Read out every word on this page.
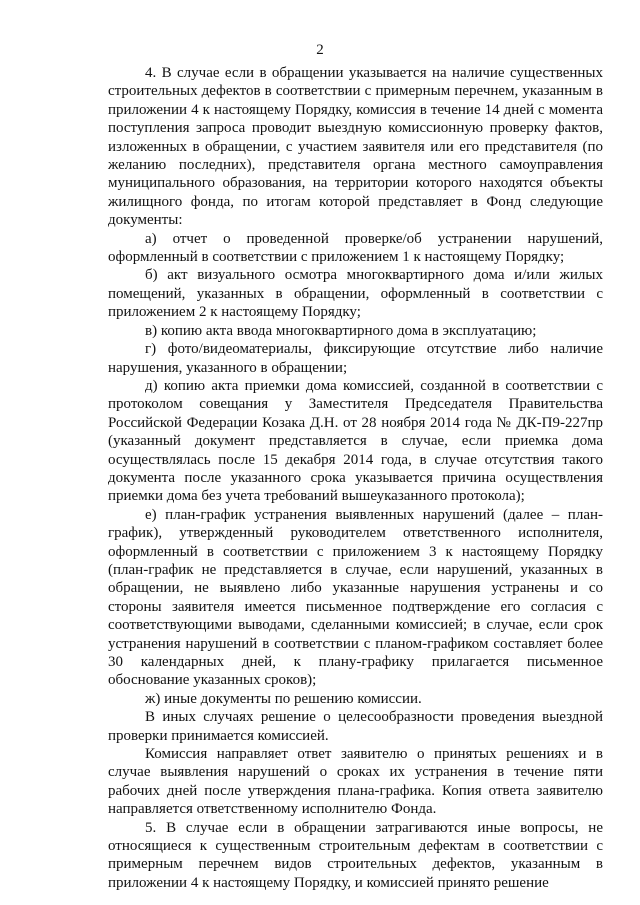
2

4. В случае если в обращении указывается на наличие существенных строительных дефектов в соответствии с примерным перечнем, указанным в приложении 4 к настоящему Порядку, комиссия в течение 14 дней с момента поступления запроса проводит выездную комиссионную проверку фактов, изложенных в обращении, с участием заявителя или его представителя (по желанию последних), представителя органа местного самоуправления муниципального образования, на территории которого находятся объекты жилищного фонда, по итогам которой представляет в Фонд следующие документы:

а) отчет о проведенной проверке/об устранении нарушений, оформленный в соответствии с приложением 1 к настоящему Порядку;

б) акт визуального осмотра многоквартирного дома и/или жилых помещений, указанных в обращении, оформленный в соответствии с приложением 2 к настоящему Порядку;

в) копию акта ввода многоквартирного дома в эксплуатацию;

г) фото/видеоматериалы, фиксирующие отсутствие либо наличие нарушения, указанного в обращении;

д) копию акта приемки дома комиссией, созданной в соответствии с протоколом совещания у Заместителя Председателя Правительства Российской Федерации Козака Д.Н. от 28 ноября 2014 года № ДК-П9-227пр (указанный документ представляется в случае, если приемка дома осуществлялась после 15 декабря 2014 года, в случае отсутствия такого документа после указанного срока указывается причина осуществления приемки дома без учета требований вышеуказанного протокола);

е) план-график устранения выявленных нарушений (далее – план-график), утвержденный руководителем ответственного исполнителя, оформленный в соответствии с приложением 3 к настоящему Порядку (план-график не представляется в случае, если нарушений, указанных в обращении, не выявлено либо указанные нарушения устранены и со стороны заявителя имеется письменное подтверждение его согласия с соответствующими выводами, сделанными комиссией; в случае, если срок устранения нарушений в соответствии с планом-графиком составляет более 30 календарных дней, к плану-графику прилагается письменное обоснование указанных сроков);

ж) иные документы по решению комиссии.

В иных случаях решение о целесообразности проведения выездной проверки принимается комиссией.

Комиссия направляет ответ заявителю о принятых решениях и в случае выявления нарушений о сроках их устранения в течение пяти рабочих дней после утверждения плана-графика. Копия ответа заявителю направляется ответственному исполнителю Фонда.

5. В случае если в обращении затрагиваются иные вопросы, не относящиеся к существенным строительным дефектам в соответствии с примерным перечнем видов строительных дефектов, указанным в приложении 4 к настоящему Порядку, и комиссией принято решение
